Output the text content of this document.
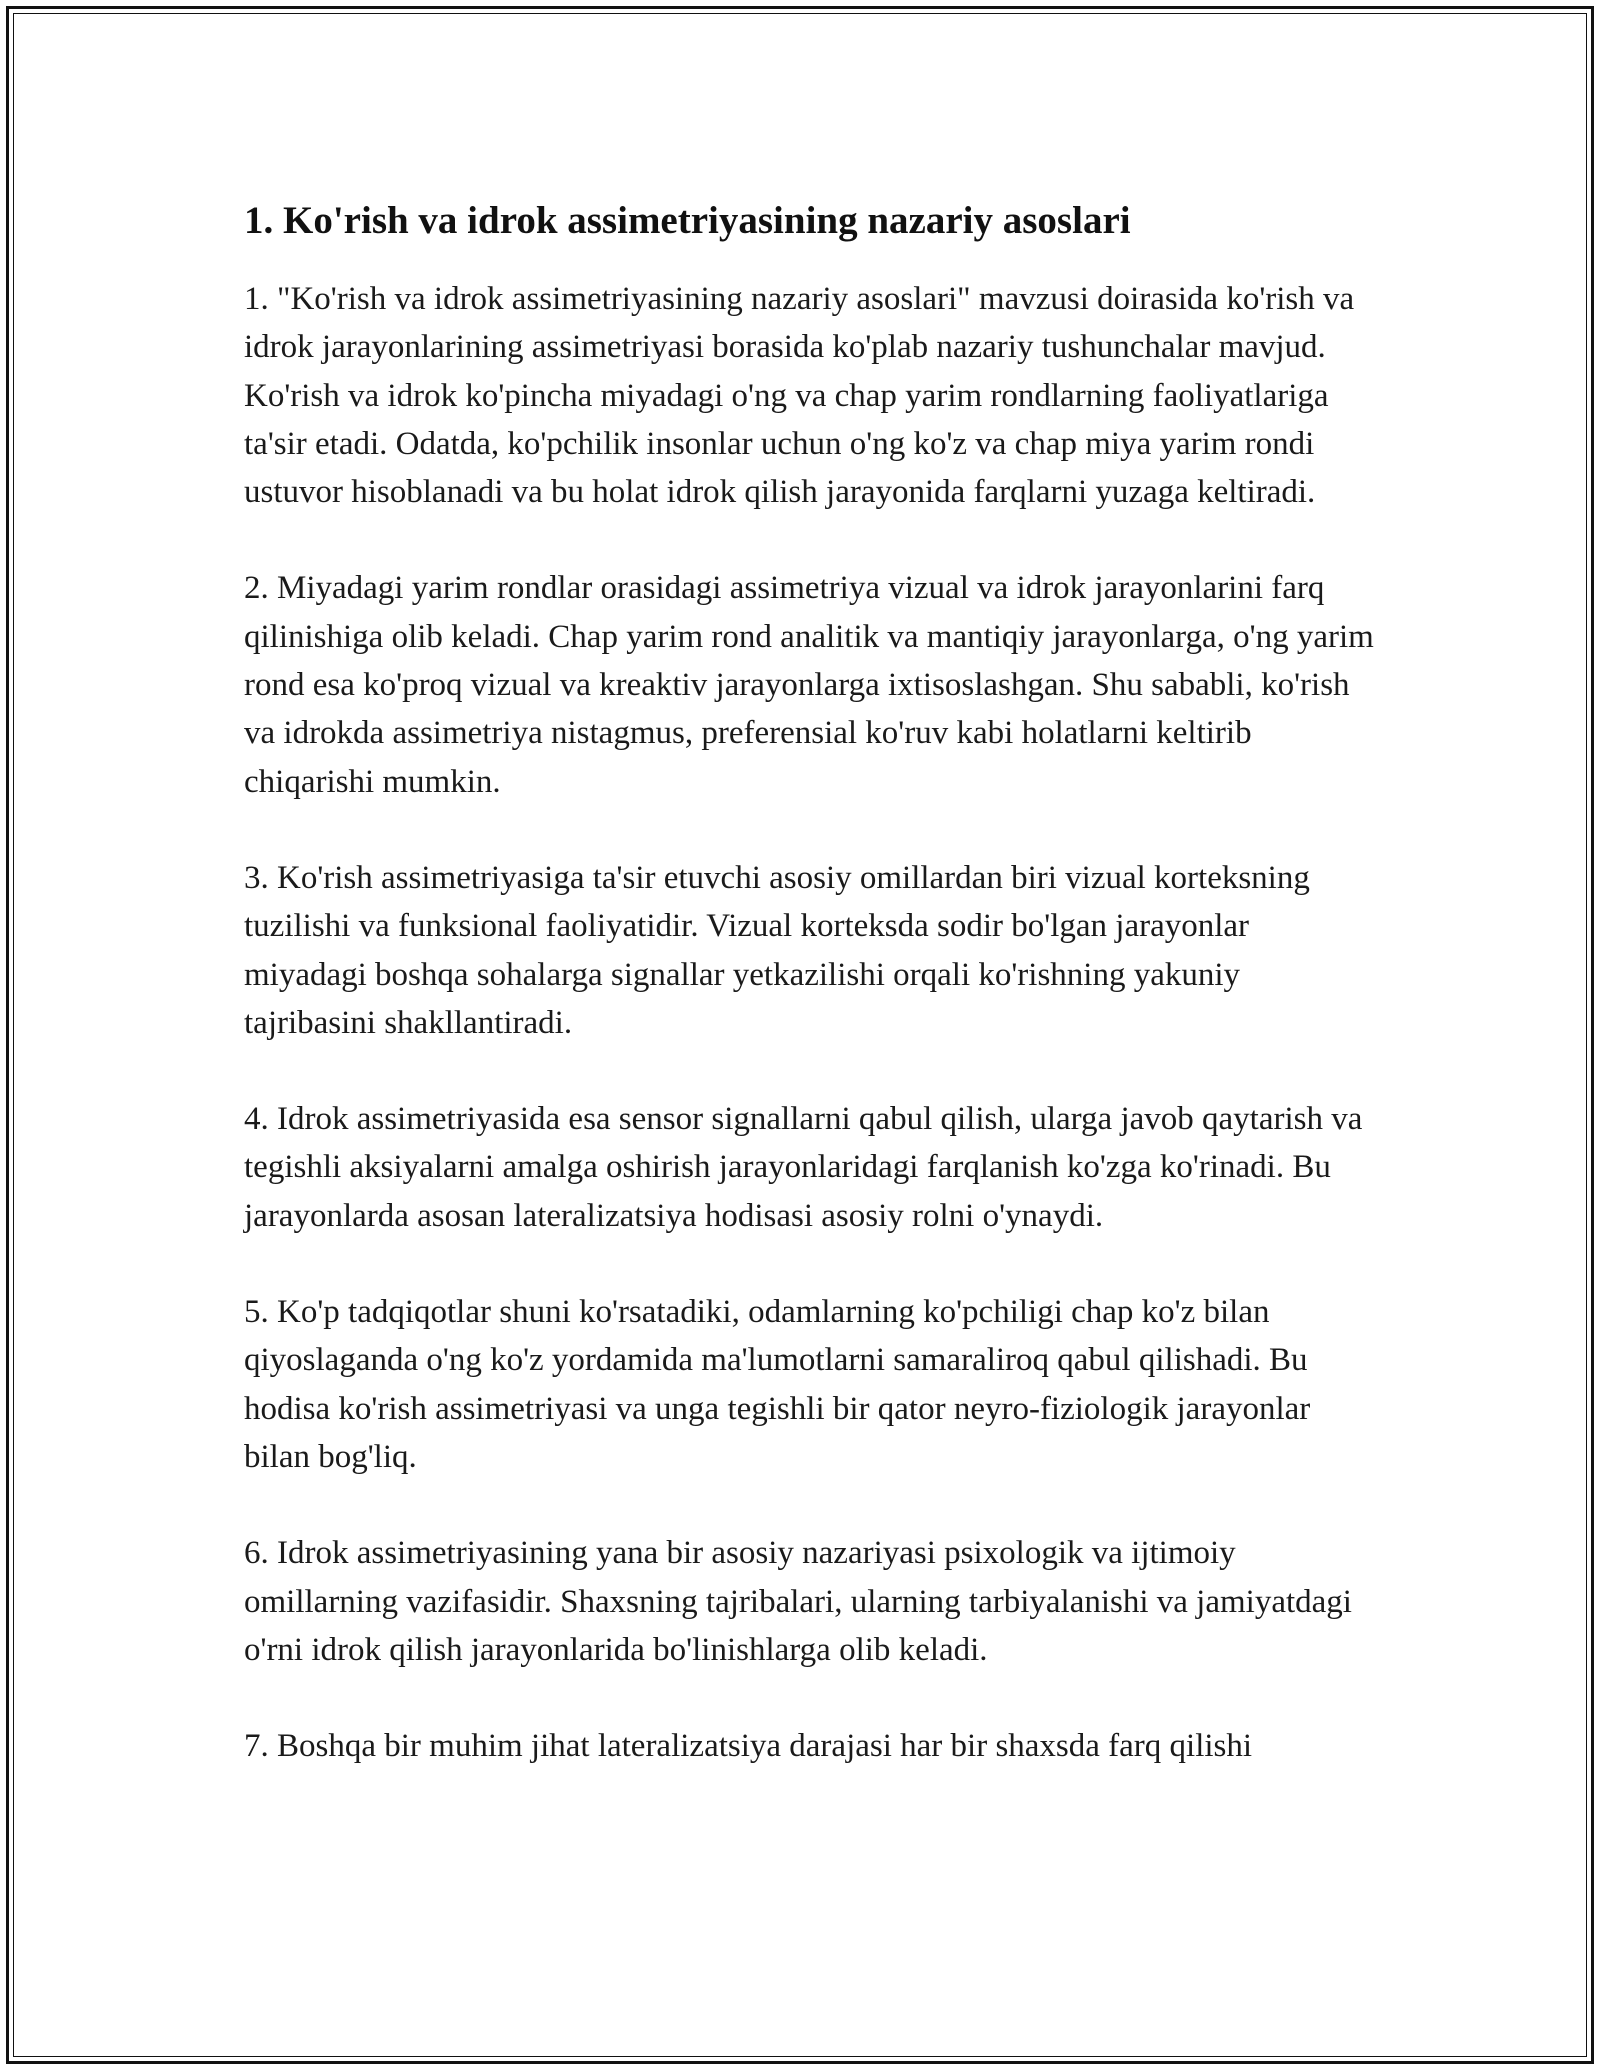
1. Ko'rish va idrok assimetriyasining nazariy asoslari

1. "Ko'rish va idrok assimetriyasining nazariy asoslari" mavzusi doirasida ko'rish va idrok jarayonlarining assimetriyasi borasida ko'plab nazariy tushunchalar mavjud. Ko'rish va idrok ko'pincha miyadagi o'ng va chap yarim rondlarning faoliyatlariga ta'sir etadi. Odatda, ko'pchilik insonlar uchun o'ng ko'z va chap miya yarim rondi ustuvor hisoblanadi va bu holat idrok qilish jarayonida farqlarni yuzaga keltiradi.

2. Miyadagi yarim rondlar orasidagi assimetriya vizual va idrok jarayonlarini farq qilinishiga olib keladi. Chap yarim rond analitik va mantiqiy jarayonlarga, o'ng yarim rond esa ko'proq vizual va kreaktiv jarayonlarga ixtisoslashgan. Shu sababli, ko'rish va idrokda assimetriya nistagmus, preferensial ko'ruv kabi holatlarni keltirib chiqarishi mumkin.

3. Ko'rish assimetriyasiga ta'sir etuvchi asosiy omillardan biri vizual korteksning tuzilishi va funksional faoliyatidir. Vizual korteksda sodir bo'lgan jarayonlar miyadagi boshqa sohalarga signallar yetkazilishi orqali ko'rishning yakuniy tajribasini shakllantiradi.

4. Idrok assimetriyasida esa sensor signallarni qabul qilish, ularga javob qaytarish va tegishli aksiyalarni amalga oshirish jarayonlaridagi farqlanish ko'zga ko'rinadi. Bu jarayonlarda asosan lateralizatsiya hodisasi asosiy rolni o'ynaydi.

5. Ko'p tadqiqotlar shuni ko'rsatadiki, odamlarning ko'pchiligi chap ko'z bilan qiyoslaganda o'ng ko'z yordamida ma'lumotlarni samaraliroq qabul qilishadi. Bu hodisa ko'rish assimetriyasi va unga tegishli bir qator neyro-fiziologik jarayonlar bilan bog'liq.

6. Idrok assimetriyasining yana bir asosiy nazariyasi psixologik va ijtimoiy omillarning vazifasidir. Shaxsning tajribalari, ularning tarbiyalanishi va jamiyatdagi o'rni idrok qilish jarayonlarida bo'linishlarga olib keladi.

7. Boshqa bir muhim jihat lateralizatsiya darajasi har bir shaxsda farq qilishi
